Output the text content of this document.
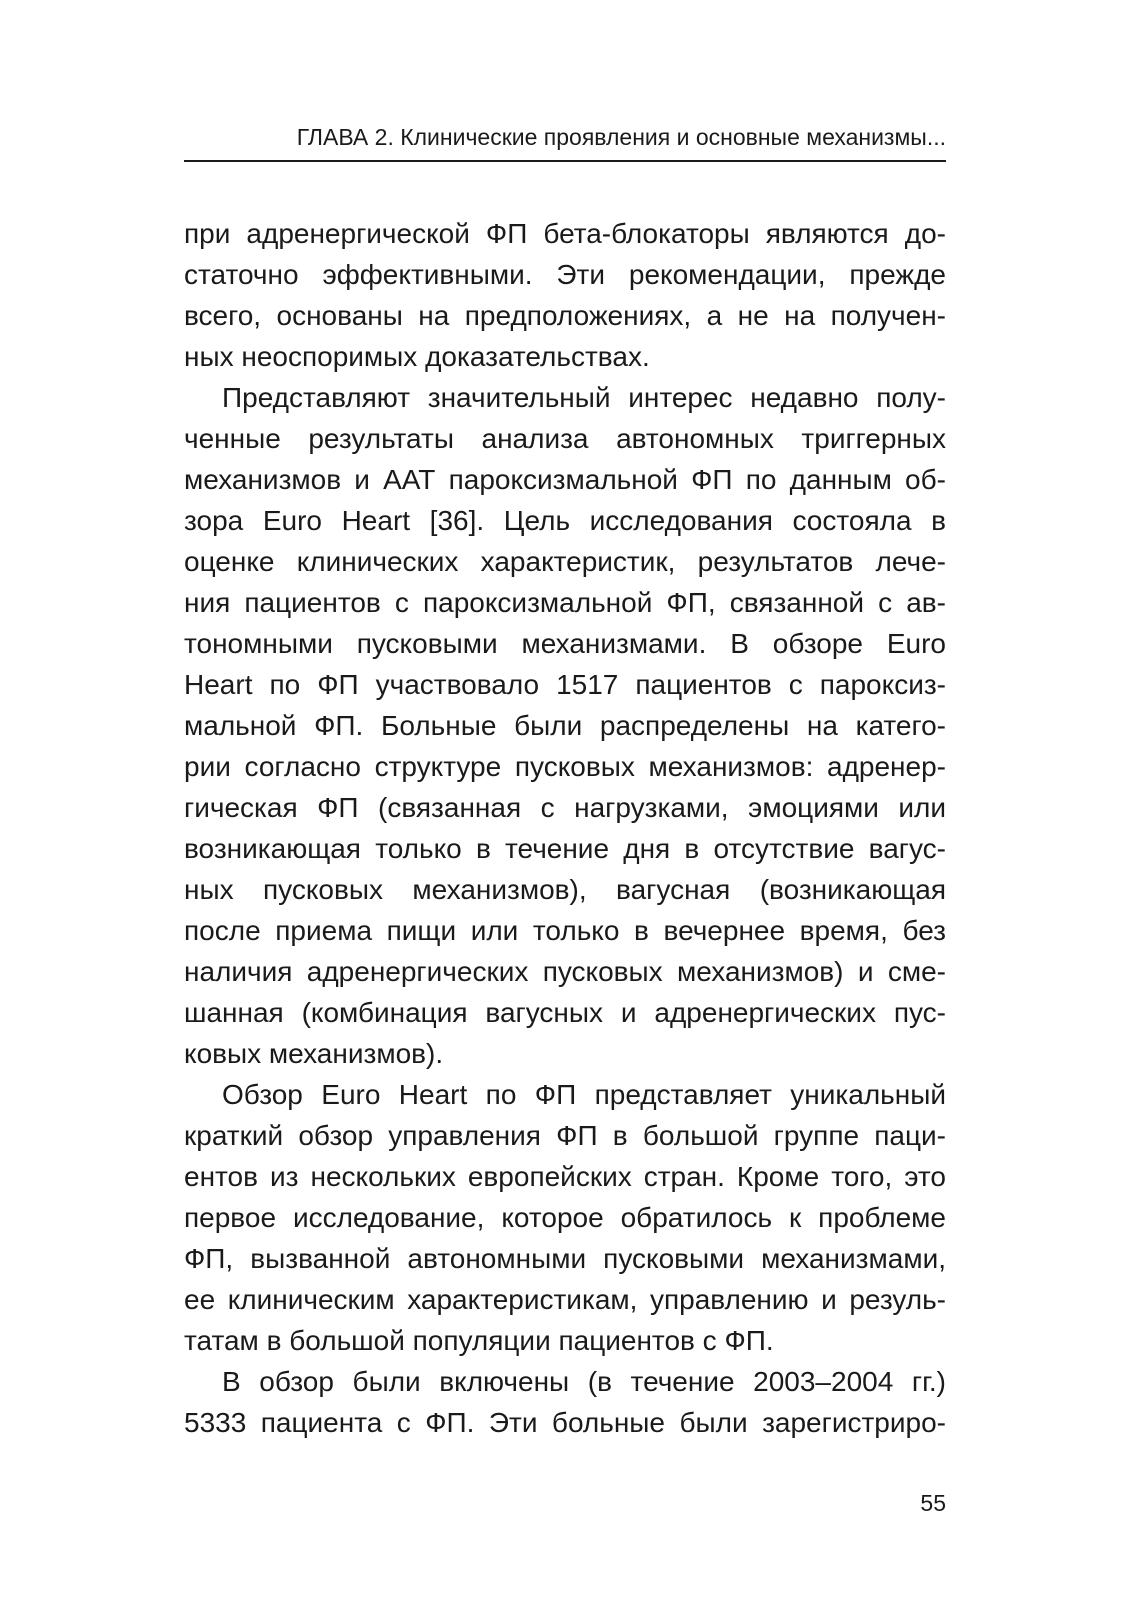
ГЛАВА 2. Клинические проявления и основные механизмы...
при адренергической ФП бета-блокаторы являются до-
статочно эффективными. Эти рекомендации, прежде
всего, основаны на предположениях, а не на получен-
ных неоспоримых доказательствах.
Представляют значительный интерес недавно полу-
ченные результаты анализа автономных триггерных
механизмов и ААТ пароксизмальной ФП по данным об-
зора Euro Heart [36]. Цель исследования состояла в
оценке клинических характеристик, результатов лече-
ния пациентов с пароксизмальной ФП, связанной с ав-
тономными пусковыми механизмами. В обзоре Euro
Heart по ФП участвовало 1517 пациентов с пароксиз-
мальной ФП. Больные были распределены на катего-
рии согласно структуре пусковых механизмов: адренер-
гическая ФП (связанная с нагрузками, эмоциями или
возникающая только в течение дня в отсутствие вагус-
ных пусковых механизмов), вагусная (возникающая
после приема пищи или только в вечернее время, без
наличия адренергических пусковых механизмов) и сме-
шанная (комбинация вагусных и адренергических пус-
ковых механизмов).
Обзор Euro Heart по ФП представляет уникальный
краткий обзор управления ФП в большой группе паци-
ентов из нескольких европейских стран. Кроме того, это
первое исследование, которое обратилось к проблеме
ФП, вызванной автономными пусковыми механизмами,
ее клиническим характеристикам, управлению и резуль-
татам в большой популяции пациентов с ФП.
В обзор были включены (в течение 2003–2004 гг.)
5333 пациента с ФП. Эти больные были зарегистриро-
55
